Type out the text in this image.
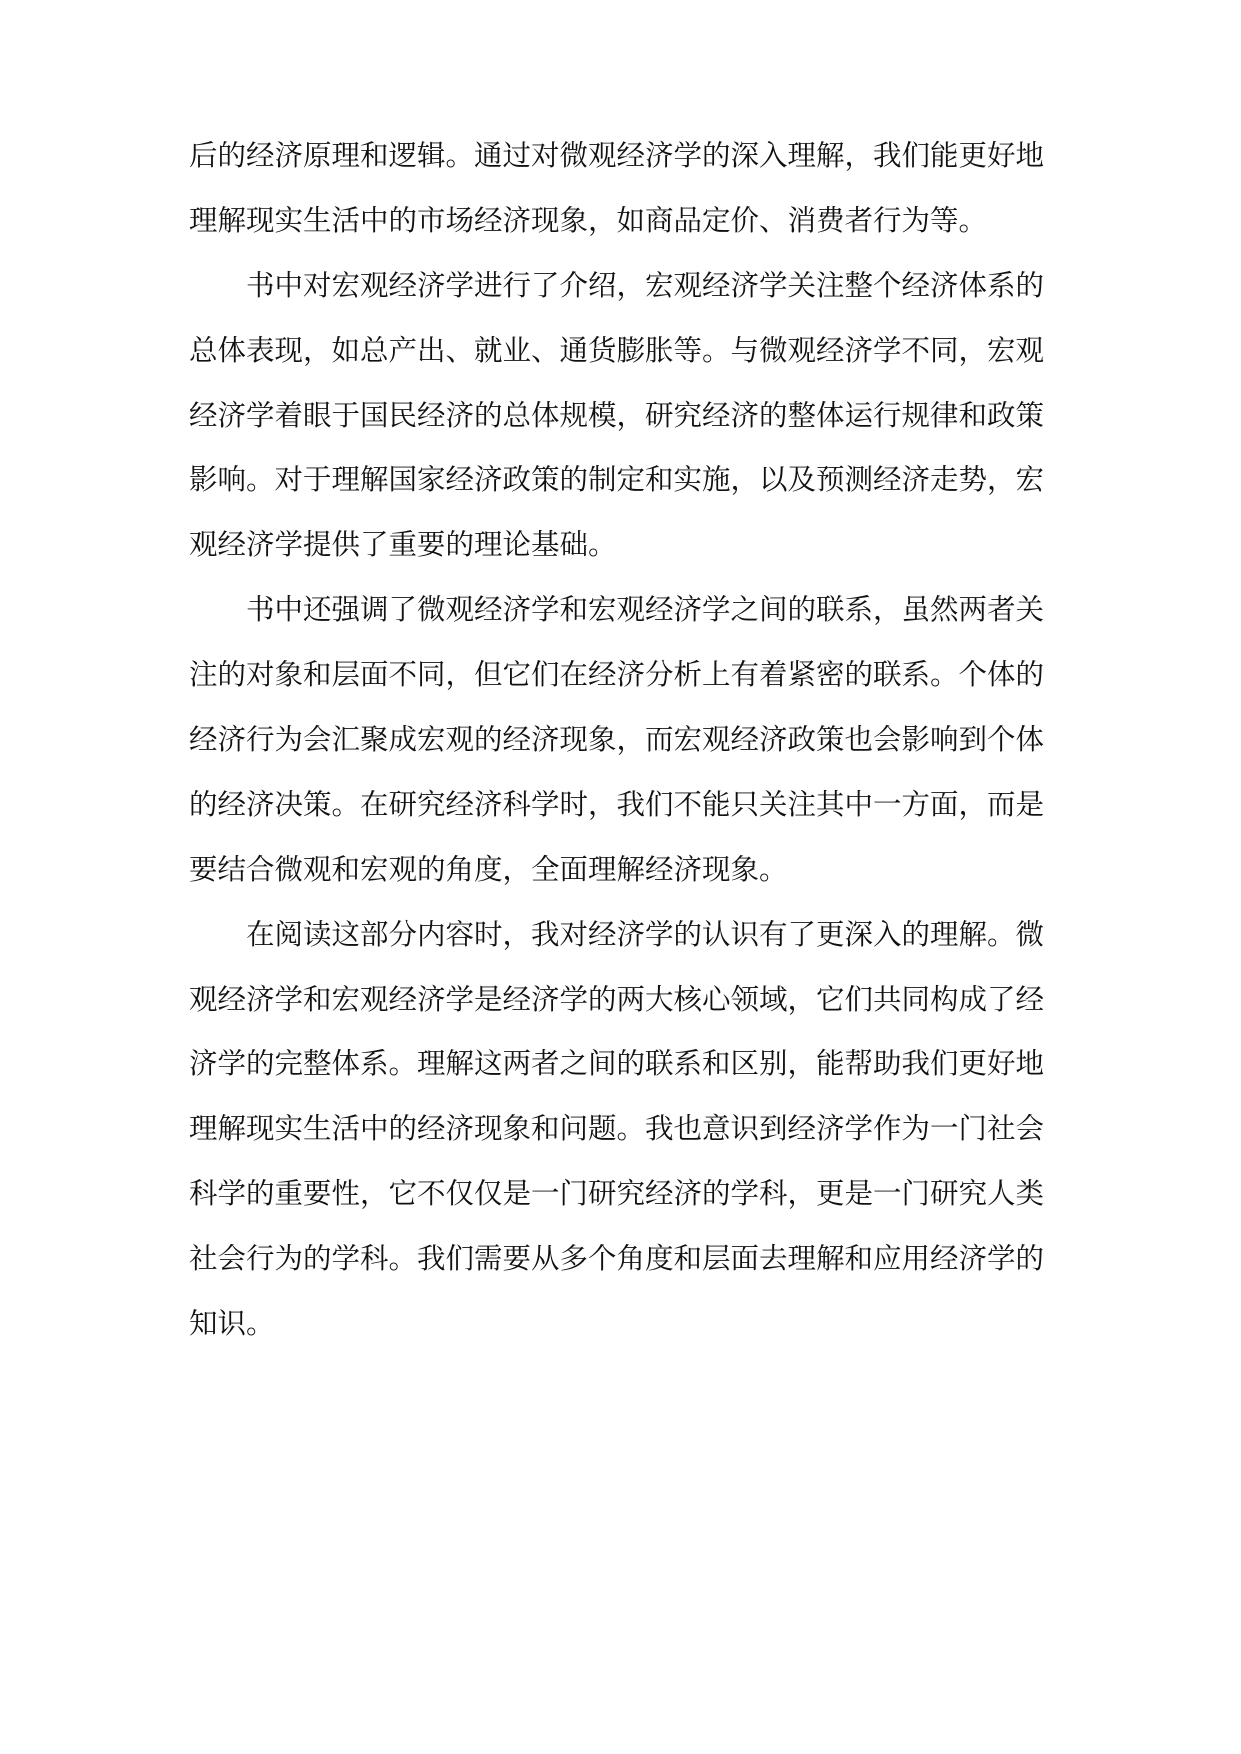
后的经济原理和逻辑。通过对微观经济学的深入理解，我们能更好地
理解现实生活中的市场经济现象，如商品定价、消费者行为等。
书中对宏观经济学进行了介绍，宏观经济学关注整个经济体系的
总体表现，如总产出、就业、通货膨胀等。与微观经济学不同，宏观
经济学着眼于国民经济的总体规模，研究经济的整体运行规律和政策
影响。对于理解国家经济政策的制定和实施，以及预测经济走势，宏
观经济学提供了重要的理论基础。
书中还强调了微观经济学和宏观经济学之间的联系，虽然两者关
注的对象和层面不同，但它们在经济分析上有着紧密的联系。个体的
经济行为会汇聚成宏观的经济现象，而宏观经济政策也会影响到个体
的经济决策。在研究经济科学时，我们不能只关注其中一方面，而是
要结合微观和宏观的角度，全面理解经济现象。
在阅读这部分内容时，我对经济学的认识有了更深入的理解。微
观经济学和宏观经济学是经济学的两大核心领域，它们共同构成了经
济学的完整体系。理解这两者之间的联系和区别，能帮助我们更好地
理解现实生活中的经济现象和问题。我也意识到经济学作为一门社会
科学的重要性，它不仅仅是一门研究经济的学科，更是一门研究人类
社会行为的学科。我们需要从多个角度和层面去理解和应用经济学的
知识。
